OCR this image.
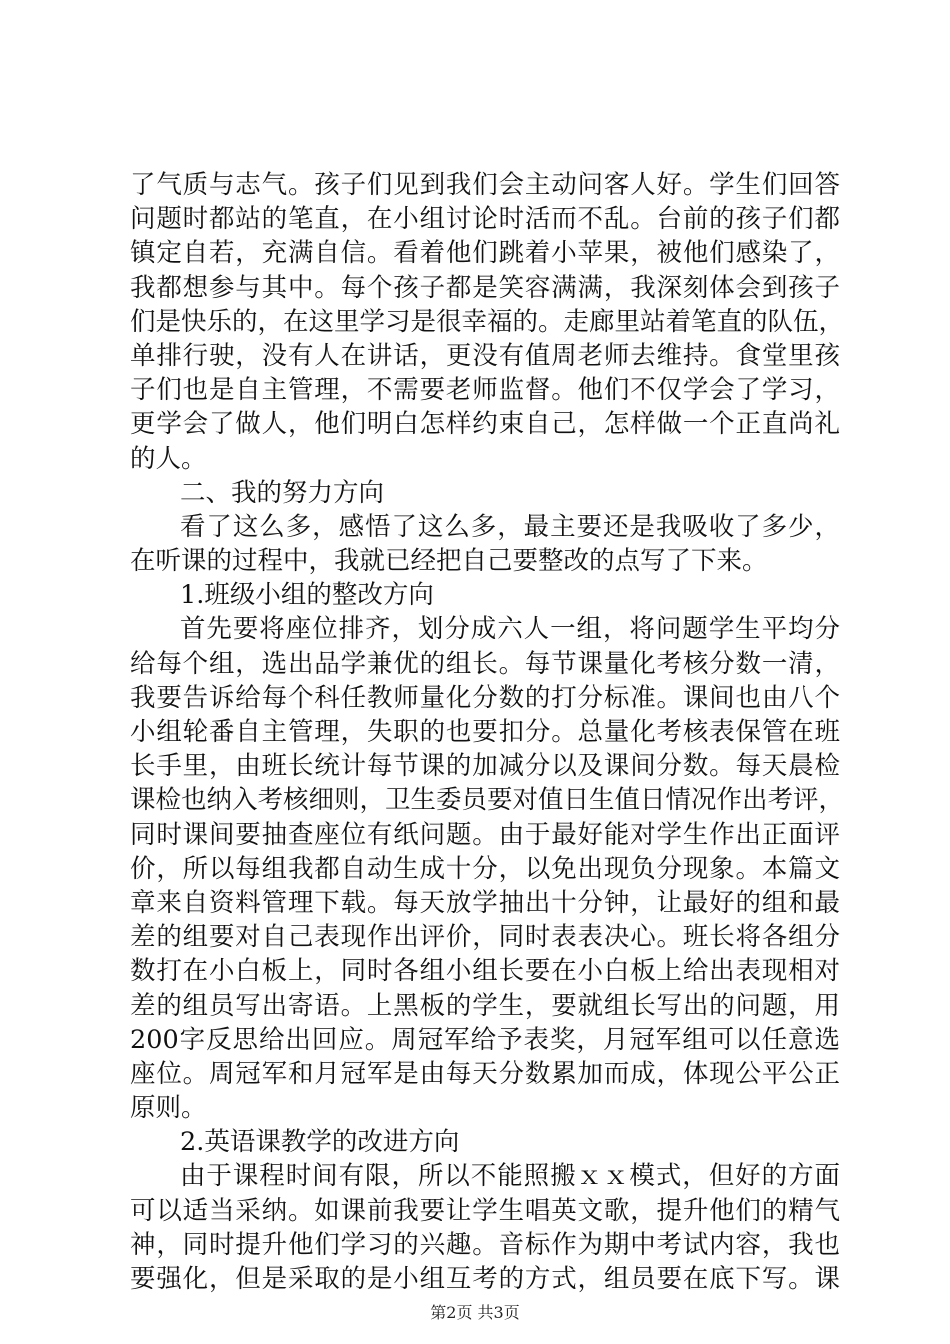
了气质与志气。孩子们见到我们会主动问客人好。学生们回答
问题时都站的笔直，在小组讨论时活而不乱。台前的孩子们都
镇定自若，充满自信。看着他们跳着小苹果，被他们感染了，
我都想参与其中。每个孩子都是笑容满满，我深刻体会到孩子
们是快乐的，在这里学习是很幸福的。走廊里站着笔直的队伍，
单排行驶，没有人在讲话，更没有值周老师去维持。食堂里孩
子们也是自主管理，不需要老师监督。他们不仅学会了学习，
更学会了做人，他们明白怎样约束自己，怎样做一个正直尚礼
的人。
二、我的努力方向
看了这么多，感悟了这么多，最主要还是我吸收了多少，
在听课的过程中，我就已经把自己要整改的点写了下来。
1.班级小组的整改方向
首先要将座位排齐，划分成六人一组，将问题学生平均分
给每个组，选出品学兼优的组长。每节课量化考核分数一清，
我要告诉给每个科任教师量化分数的打分标准。课间也由八个
小组轮番自主管理，失职的也要扣分。总量化考核表保管在班
长手里，由班长统计每节课的加减分以及课间分数。每天晨检
课检也纳入考核细则，卫生委员要对值日生值日情况作出考评，
同时课间要抽查座位有纸问题。由于最好能对学生作出正面评
价，所以每组我都自动生成十分，以免出现负分现象。本篇文
章来自资料管理下载。每天放学抽出十分钟，让最好的组和最
差的组要对自己表现作出评价，同时表表决心。班长将各组分
数打在小白板上，同时各组小组长要在小白板上给出表现相对
差的组员写出寄语。上黑板的学生，要就组长写出的问题，用
200字反思给出回应。周冠军给予表奖，月冠军组可以任意选
座位。周冠军和月冠军是由每天分数累加而成，体现公平公正
原则。
2.英语课教学的改进方向
由于课程时间有限，所以不能照搬ｘｘ模式，但好的方面
可以适当采纳。如课前我要让学生唱英文歌，提升他们的精气
神，同时提升他们学习的兴趣。音标作为期中考试内容，我也
要强化，但是采取的是小组互考的方式，组员要在底下写。课
第2页 共3页
